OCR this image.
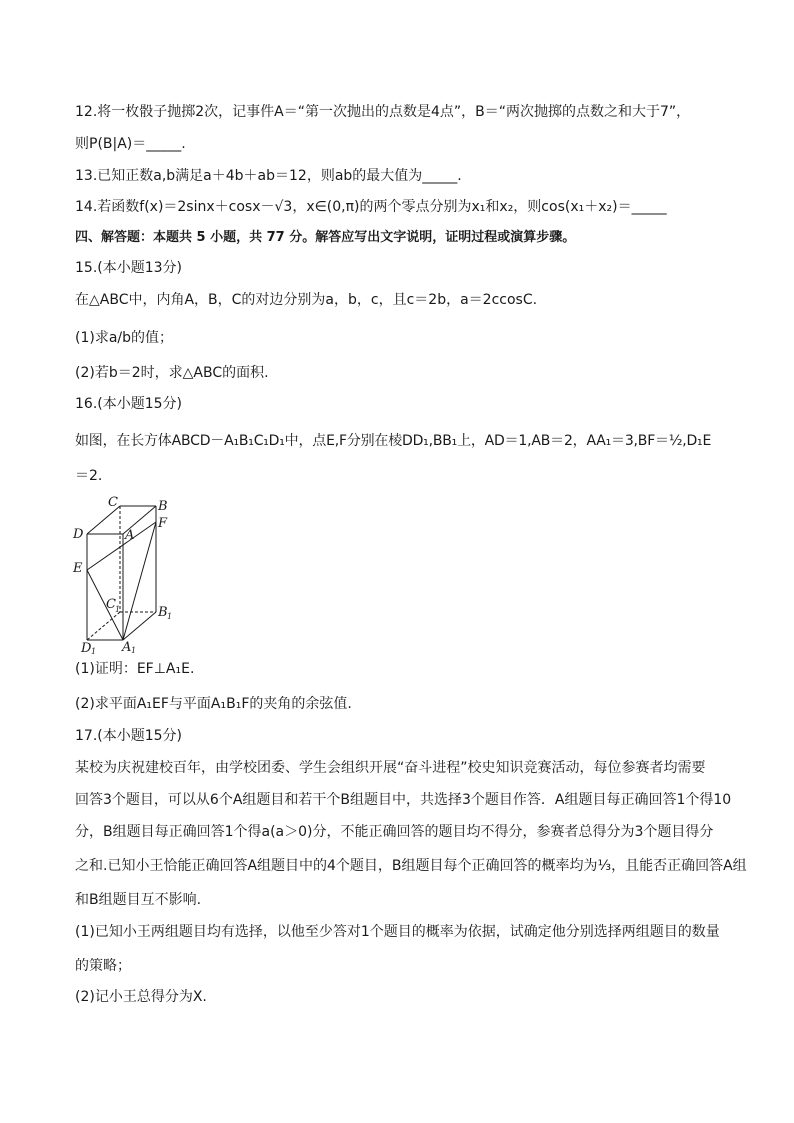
12.将一枚骰子抛掷2次，记事件A＝“第一次抛出的点数是4点”，B＝“两次抛掷的点数之和大于7”，
则P(B|A)＝_____.
13.已知正数a,b满足a＋4b＋ab＝12，则ab的最大值为_____.
14.若函数f(x)＝2sinx＋cosx－√3，x∈(0,π)的两个零点分别为x₁和x₂，则cos(x₁＋x₂)＝_____
四、解答题：本题共 5 小题，共 77 分。解答应写出文字说明，证明过程或演算步骤。
15.(本小题13分)
在△ABC中，内角A，B，C的对边分别为a，b，c，且c＝2b，a＝2ccosC.
(1)求a/b的值；
(2)若b＝2时，求△ABC的面积.
16.(本小题15分)
如图，在长方体ABCD－A₁B₁C₁D₁中，点E,F分别在棱DD₁,BB₁上，AD＝1,AB＝2，AA₁＝3,BF＝½,D₁E
＝2.
C	B
F
D	A
E
C 1	B 1
D 1 A 1
(1)证明：EF⊥A₁E.
(2)求平面A₁EF与平面A₁B₁F的夹角的余弦值.
17.(本小题15分)
某校为庆祝建校百年，由学校团委、学生会组织开展“奋斗进程”校史知识竞赛活动，每位参赛者均需要
回答3个题目，可以从6个A组题目和若干个B组题目中，共选择3个题目作答．A组题目每正确回答1个得10
分，B组题目每正确回答1个得a(a＞0)分，不能正确回答的题目均不得分，参赛者总得分为3个题目得分
之和.已知小王恰能正确回答A组题目中的4个题目，B组题目每个正确回答的概率均为⅓，且能否正确回答A组
和B组题目互不影响.
(1)已知小王两组题目均有选择，以他至少答对1个题目的概率为依据，试确定他分别选择两组题目的数量
的策略；
(2)记小王总得分为X.
